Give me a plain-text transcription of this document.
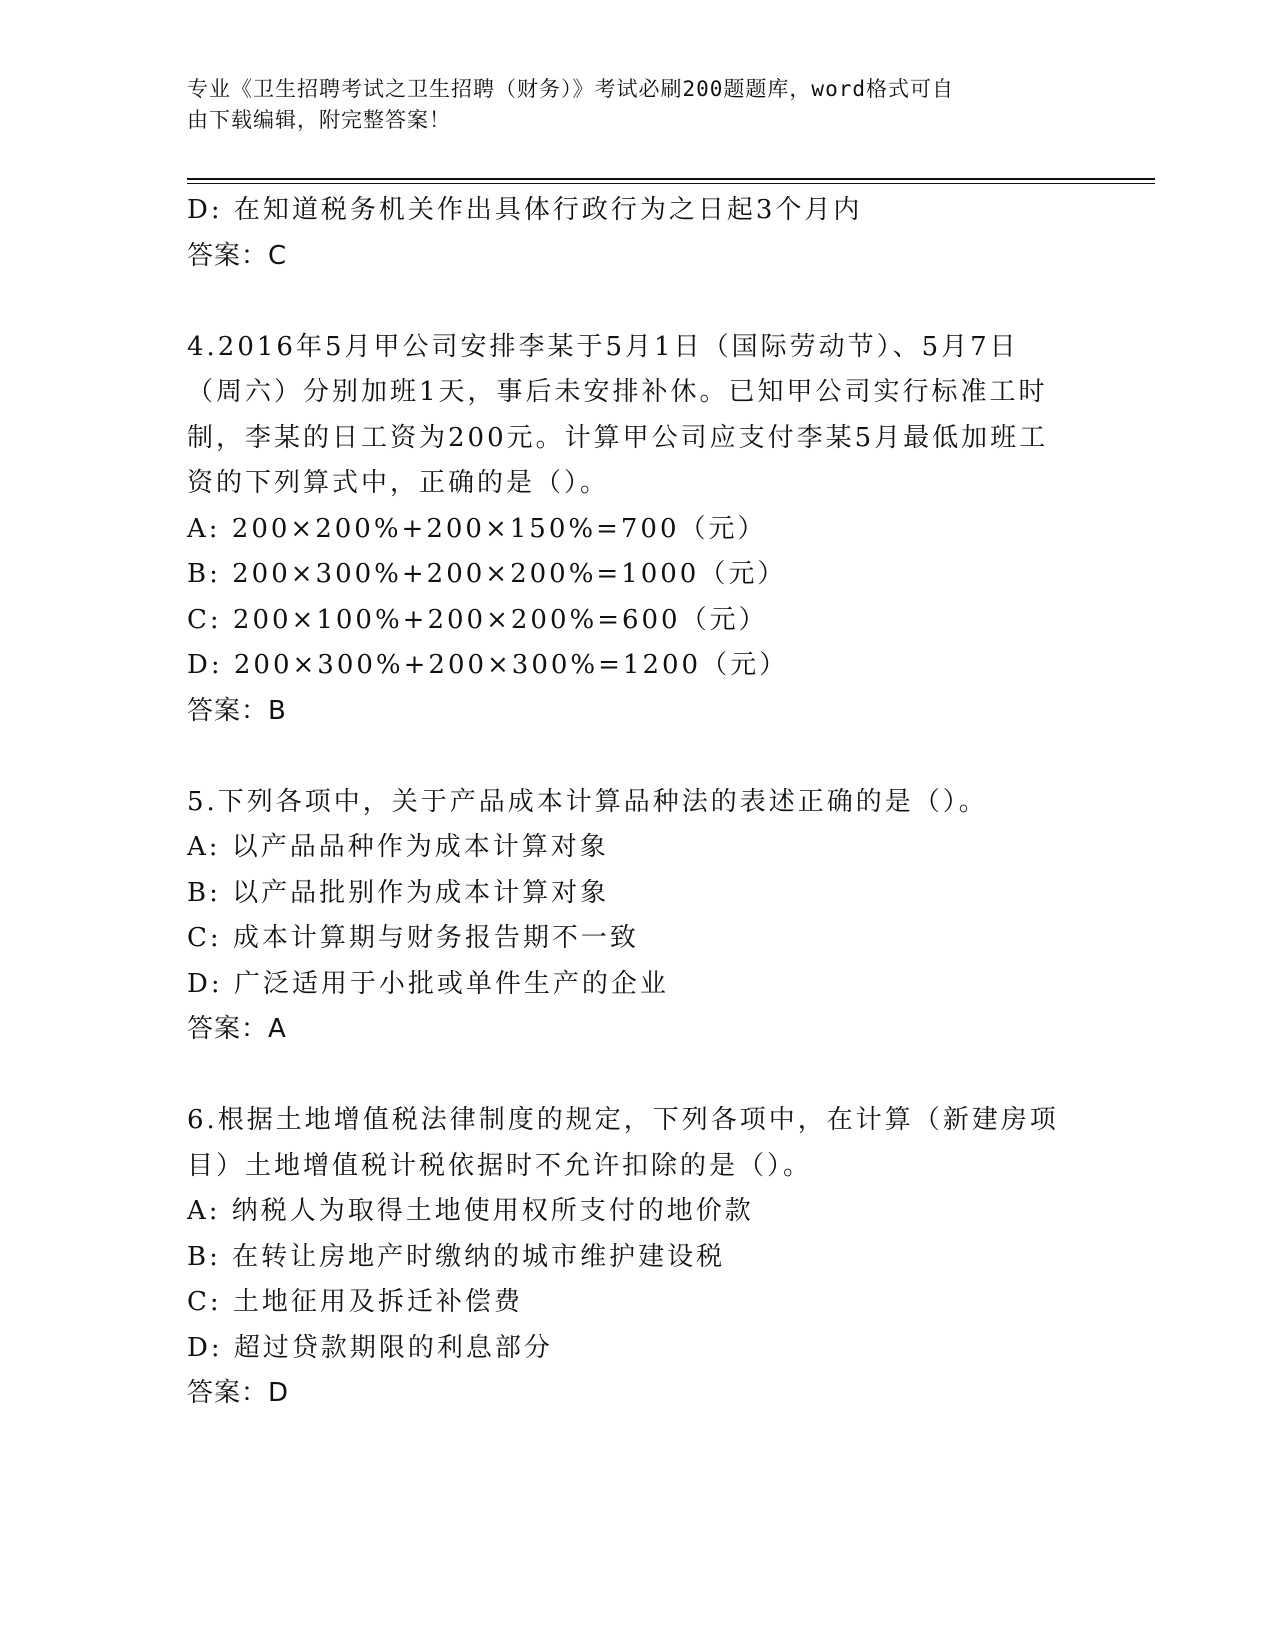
专业《卫生招聘考试之卫生招聘（财务）》考试必刷200题题库，word格式可自
由下载编辑，附完整答案！
D: 在知道税务机关作出具体行政行为之日起3个月内
答案：C
4.2016年5月甲公司安排李某于5月1日（国际劳动节）、5月7日
（周六）分别加班1天，事后未安排补休。已知甲公司实行标准工时
制，李某的日工资为200元。计算甲公司应支付李某5月最低加班工
资的下列算式中，正确的是（）。
A: 200×200%+200×150%=700（元）
B: 200×300%+200×200%=1000（元）
C: 200×100%+200×200%=600（元）
D: 200×300%+200×300%=1200（元）
答案：B
5.下列各项中，关于产品成本计算品种法的表述正确的是（）。
A: 以产品品种作为成本计算对象
B: 以产品批别作为成本计算对象
C: 成本计算期与财务报告期不一致
D: 广泛适用于小批或单件生产的企业
答案：A
6.根据土地增值税法律制度的规定，下列各项中，在计算（新建房项
目）土地增值税计税依据时不允许扣除的是（）。
A: 纳税人为取得土地使用权所支付的地价款
B: 在转让房地产时缴纳的城市维护建设税
C: 土地征用及拆迁补偿费
D: 超过贷款期限的利息部分
答案：D
